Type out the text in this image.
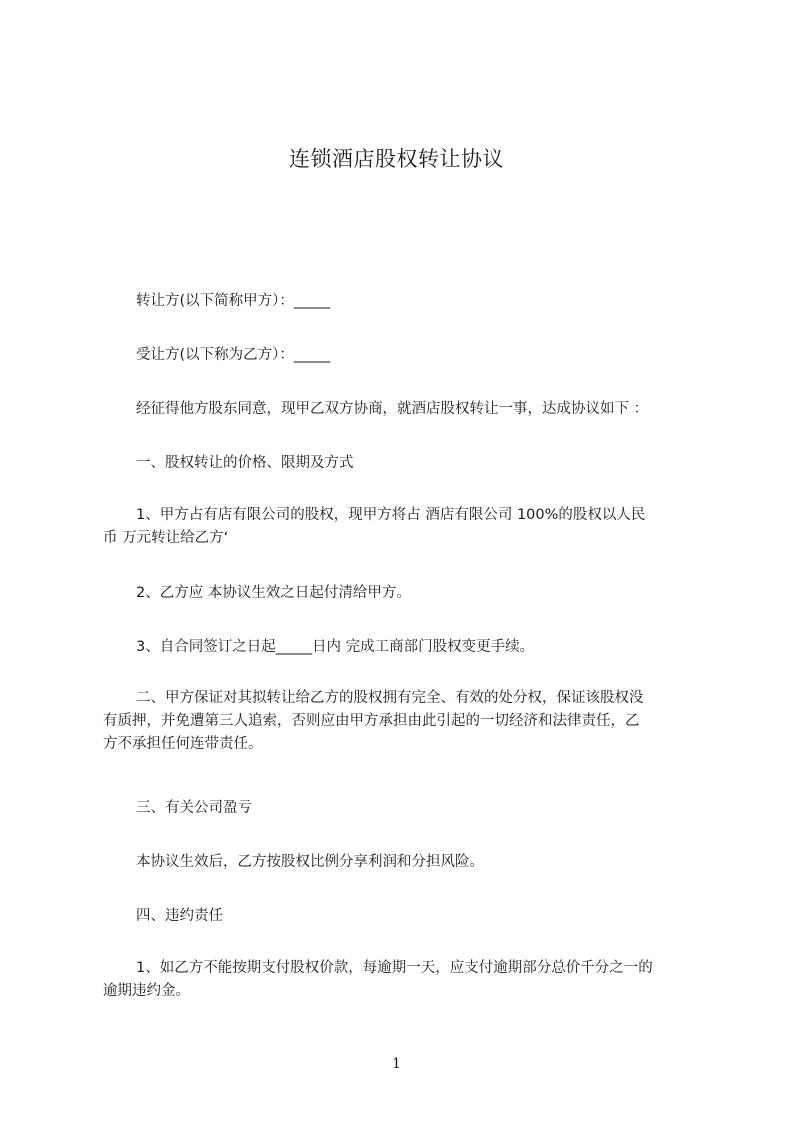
连锁酒店股权转让协议

转让方(以下简称甲方）：_____

受让方(以下称为乙方）：_____

经征得他方股东同意，现甲乙双方协商，就酒店股权转让一事，达成协议如下 ：

一、股权转让的价格、限期及方式

1、甲方占有店有限公司的股权，现甲方将占 酒店有限公司 100%的股权以人民
币 万元转让给乙方‘

2、乙方应 本协议生效之日起付清给甲方。

3、自合同签订之日起_____日内 完成工商部门股权变更手续。

二、甲方保证对其拟转让给乙方的股权拥有完全、有效的处分权，保证该股权没
有质押，并免遭第三人追索，否则应由甲方承担由此引起的一切经济和法律责任，乙
方不承担任何连带责任。

三、有关公司盈亏

本协议生效后，乙方按股权比例分享利润和分担风险。

四、违约责任

1、如乙方不能按期支付股权价款，每逾期一天，应支付逾期部分总价千分之一的
逾期违约金。

1
